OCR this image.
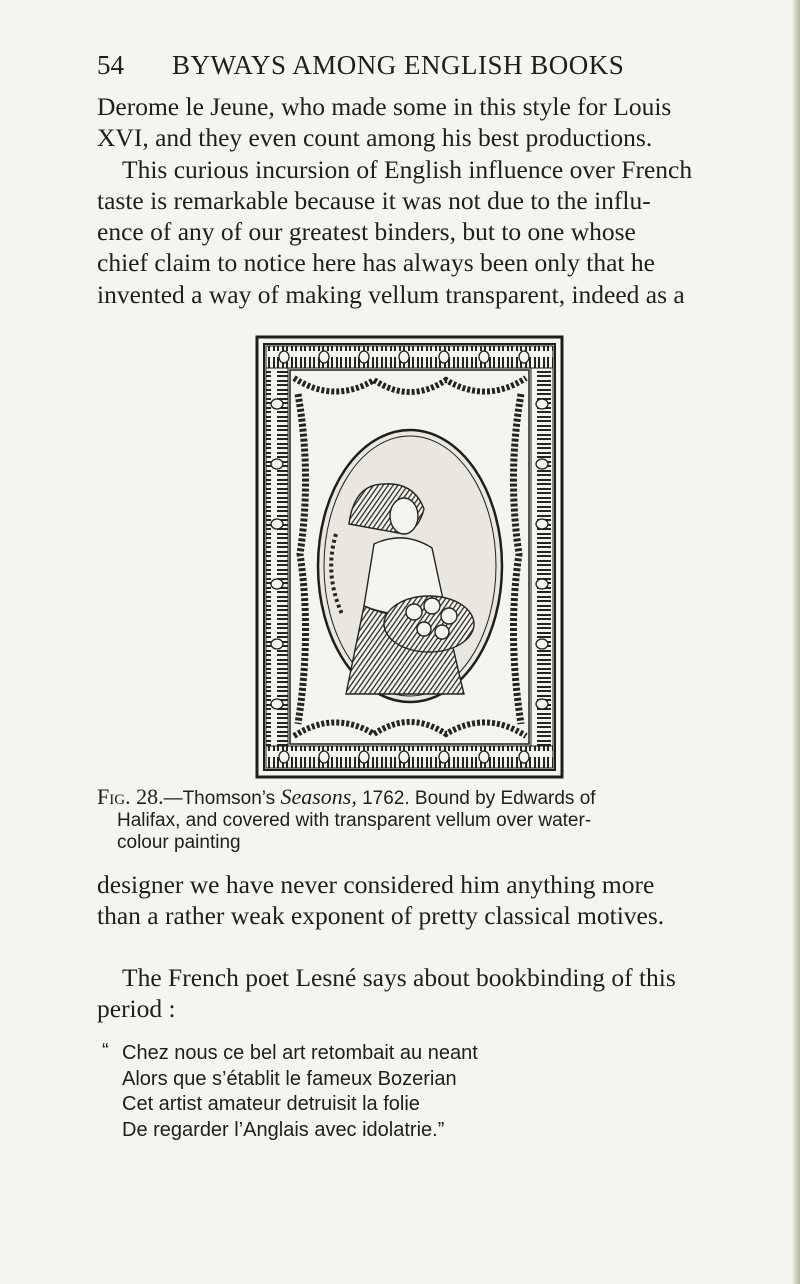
54 BYWAYS AMONG ENGLISH BOOKS

Derome le Jeune, who made some in this style for Louis
XVI, and they even count among his best productions.
This curious incursion of English influence over French
taste is remarkable because it was not due to the influ-
ence of any of our greatest binders, but to one whose
chief claim to notice here has always been only that he
invented a way of making vellum transparent, indeed as a

Fig. 28.—Thomson’s Seasons, 1762. Bound by Edwards of
Halifax, and covered with transparent vellum over water-
colour painting

designer we have never considered him anything more
than a rather weak exponent of pretty classical motives.

The French poet Lesné says about bookbinding of this
period :

“ Chez nous ce bel art retombait au neant
Alors que s’établit le fameux Bozerian
Cet artist amateur detruisit la folie
De regarder l’Anglais avec idolatrie.”
